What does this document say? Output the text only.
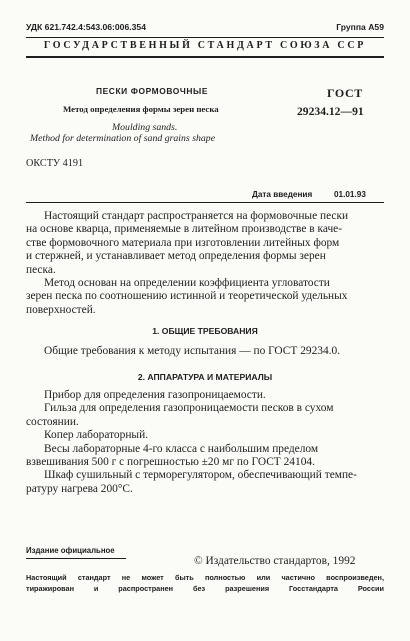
УДК 621.742.4:543.06:006.354	Группа А59
ГОСУДАРСТВЕННЫЙ СТАНДАРТ СОЮЗА ССР
ПЕСКИ ФОРМОВОЧНЫЕ
Метод определения формы зерен песка
Moulding sands.
Method for determination of sand grains shape
ГОСТ
29234.12—91
ОКСТУ 4191
Дата введения	01.01.93
Настоящий стандарт распространяется на формовочные пески
на основе кварца, применяемые в литейном производстве в каче-
стве формовочного материала при изготовлении литейных форм
и стержней, и устанавливает метод определения формы зерен
песка.
Метод основан на определении коэффициента угловатости
зерен песка по соотношению истинной и теоретической удельных
поверхностей.
1. ОБЩИЕ ТРЕБОВАНИЯ
Общие требования к методу испытания — по ГОСТ 29234.0.
2. АППАРАТУРА И МАТЕРИАЛЫ
Прибор для определения газопроницаемости.
Гильза для определения газопроницаемости песков в сухом
состоянии.
Копер лабораторный.
Весы лабораторные 4-го класса с наибольшим пределом
взвешивания 500 г с погрешностью ±20 мг по ГОСТ 24104.
Шкаф сушильный с терморегулятором, обеспечивающий темпе-
ратуру нагрева 200°С.
Издание официальное
© Издательство стандартов, 1992
Настоящий стандарт не может быть полностью или частично воспроизведен,
тиражирован и распространен без разрешения Госстандарта России
